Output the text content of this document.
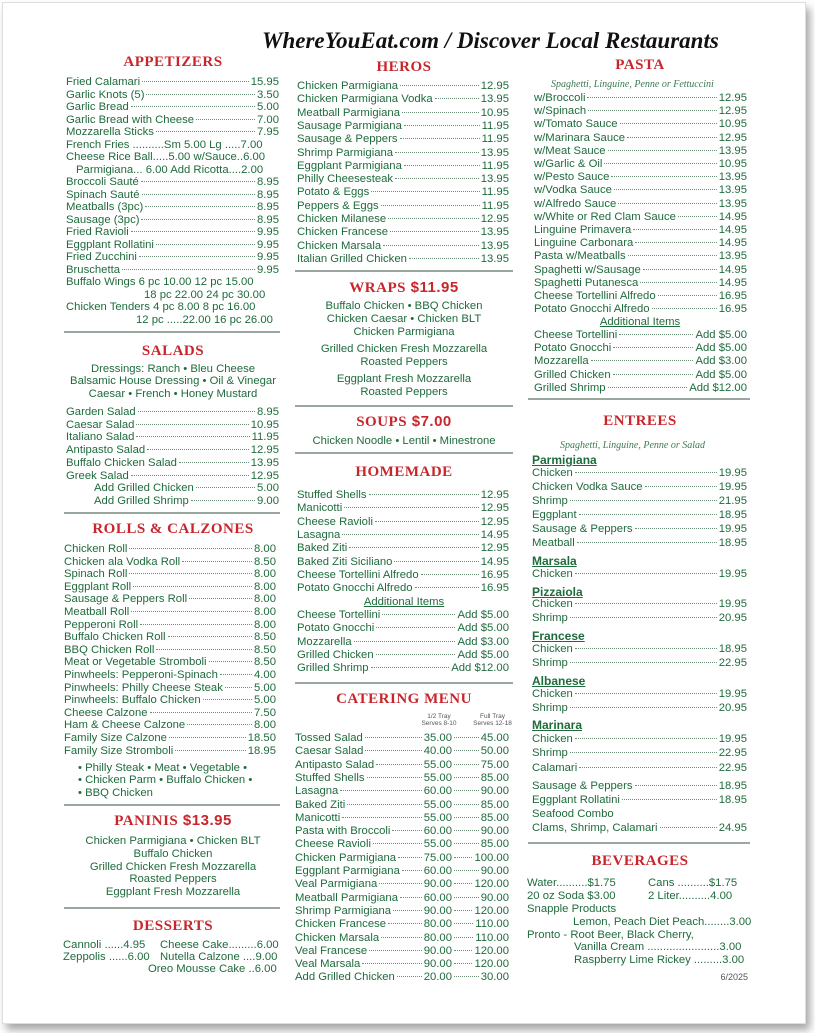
WhereYouEat.com / Discover Local Restaurants
APPETIZERS
Fried Calamari	15.95
Garlic Knots (5)	3.50
Garlic Bread	5.00
Garlic Bread with Cheese	7.00
Mozzarella Sticks	7.95
French Fries ..........Sm 5.00 Lg .....7.00
Cheese Rice Ball.....5.00 w/Sauce..6.00
Parmigiana... 6.00 Add Ricotta....2.00
Broccoli Sauté	8.95
Spinach Sauté	8.95
Meatballs (3pc)	8.95
Sausage (3pc)	8.95
Fried Ravioli	9.95
Eggplant Rollatini	9.95
Fried Zucchini	9.95
Bruschetta	9.95
Buffalo Wings 6 pc 10.00 12 pc 15.00
18 pc 22.00 24 pc 30.00
Chicken Tenders 4 pc 8.00 8 pc 16.00
12 pc .....22.00 16 pc 26.00
SALADS
Dressings: Ranch • Bleu Cheese
Balsamic House Dressing • Oil & Vinegar
Caesar • French • Honey Mustard
Garden Salad	8.95
Caesar Salad	10.95
Italiano Salad	11.95
Antipasto Salad	12.95
Buffalo Chicken Salad	13.95
Greek Salad	12.95
Add Grilled Chicken	5.00
Add Grilled Shrimp	9.00
ROLLS & CALZONES
Chicken Roll	8.00
Chicken ala Vodka Roll	8.50
Spinach Roll	8.00
Eggplant Roll	8.00
Sausage & Peppers Roll	8.00
Meatball Roll	8.00
Pepperoni Roll	8.00
Buffalo Chicken Roll	8.50
BBQ Chicken Roll	8.50
Meat or Vegetable Stromboli	8.50
Pinwheels: Pepperoni-Spinach	4.00
Pinwheels: Philly Cheese Steak	5.00
Pinwheels: Buffalo Chicken	5.00
Cheese Calzone	7.50
Ham & Cheese Calzone	8.00
Family Size Calzone	18.50
Family Size Stromboli	18.95
• Philly Steak • Meat • Vegetable •
• Chicken Parm • Buffalo Chicken •
• BBQ Chicken
PANINIS $13.95
Chicken Parmigiana • Chicken BLT
Buffalo Chicken
Grilled Chicken Fresh Mozzarella
Roasted Peppers
Eggplant Fresh Mozzarella
DESSERTS
Cannoli ......4.95	Cheese Cake.........6.00
Zeppolis ......6.00 Nutella Calzone ....9.00
Oreo Mousse Cake ..6.00
HEROS
Chicken Parmigiana	12.95
Chicken Parmigiana Vodka	13.95
Meatball Parmigiana	10.95
Sausage Parmigiana	11.95
Sausage & Peppers	11.95
Shrimp Parmigiana	13.95
Eggplant Parmigiana	11.95
Philly Cheesesteak	13.95
Potato & Eggs	11.95
Peppers & Eggs	11.95
Chicken Milanese	12.95
Chicken Francese	13.95
Chicken Marsala	13.95
Italian Grilled Chicken	13.95
WRAPS $11.95
Buffalo Chicken • BBQ Chicken
Chicken Caesar • Chicken BLT
Chicken Parmigiana
Grilled Chicken Fresh Mozzarella
Roasted Peppers
Eggplant Fresh Mozzarella
Roasted Peppers
SOUPS $7.00
Chicken Noodle • Lentil • Minestrone
HOMEMADE
Stuffed Shells	12.95
Manicotti	12.95
Cheese Ravioli	12.95
Lasagna	14.95
Baked Ziti	12.95
Baked Ziti Siciliano	14.95
Cheese Tortellini Alfredo	16.95
Potato Gnocchi Alfredo	16.95
Additional Items
Cheese Tortellini	Add $5.00
Potato Gnocchi	Add $5.00
Mozzarella	Add $3.00
Grilled Chicken	Add $5.00
Grilled Shrimp	Add $12.00
CATERING MENU
1/2 Tray
Serves 8-10
Full Tray
Serves 12-18
Tossed Salad	35.00	45.00
Caesar Salad	40.00	50.00
Antipasto Salad	55.00	75.00
Stuffed Shells	55.00	85.00
Lasagna	60.00	90.00
Baked Ziti	55.00	85.00
Manicotti	55.00	85.00
Pasta with Broccoli	60.00	90.00
Cheese Ravioli	55.00	85.00
Chicken Parmigiana 75.00 100.00
Eggplant Parmigiana 60.00	90.00
Veal Parmigiana	90.00 120.00
Meatball Parmigiana 60.00	90.00
Shrimp Parmigiana	90.00 120.00
Chicken Francese	80.00 110.00
Chicken Marsala	80.00 110.00
Veal Francese	90.00 120.00
Veal Marsala	90.00 120.00
Add Grilled Chicken	20.00	30.00
PASTA
Spaghetti, Linguine, Penne or Fettuccini
w/Broccoli	12.95
w/Spinach	12.95
w/Tomato Sauce	10.95
w/Marinara Sauce	12.95
w/Meat Sauce	13.95
w/Garlic & Oil	10.95
w/Pesto Sauce	13.95
w/Vodka Sauce	13.95
w/Alfredo Sauce	13.95
w/White or Red Clam Sauce	14.95
Linguine Primavera	14.95
Linguine Carbonara	14.95
Pasta w/Meatballs	13.95
Spaghetti w/Sausage	14.95
Spaghetti Putanesca	14.95
Cheese Tortellini Alfredo	16.95
Potato Gnocchi Alfredo	16.95
Additional Items
Cheese Tortellini	Add $5.00
Potato Gnocchi	Add $5.00
Mozzarella	Add $3.00
Grilled Chicken	Add $5.00
Grilled Shrimp	Add $12.00
ENTREES
Spaghetti, Linguine, Penne or Salad
Parmigiana
Chicken	19.95
Chicken Vodka Sauce	19.95
Shrimp	21.95
Eggplant	18.95
Sausage & Peppers	19.95
Meatball	18.95
Marsala
Chicken	19.95
Pizzaiola
Chicken	19.95
Shrimp	20.95
Francese
Chicken	18.95
Shrimp	22.95
Albanese
Chicken	19.95
Shrimp	20.95
Marinara
Chicken	19.95
Shrimp	22.95
Calamari	22.95
Sausage & Peppers	18.95
Eggplant Rollatini	18.95
Seafood Combo
Clams, Shrimp, Calamari	24.95
BEVERAGES
Water..........$1.75	Cans ..........$1.75
20 oz Soda $3.00	2 Liter..........4.00
Snapple Products
Lemon, Peach Diet Peach........3.00
Pronto - Root Beer, Black Cherry,
Vanilla Cream .......................3.00
Raspberry Lime Rickey .........3.00
6/2025
